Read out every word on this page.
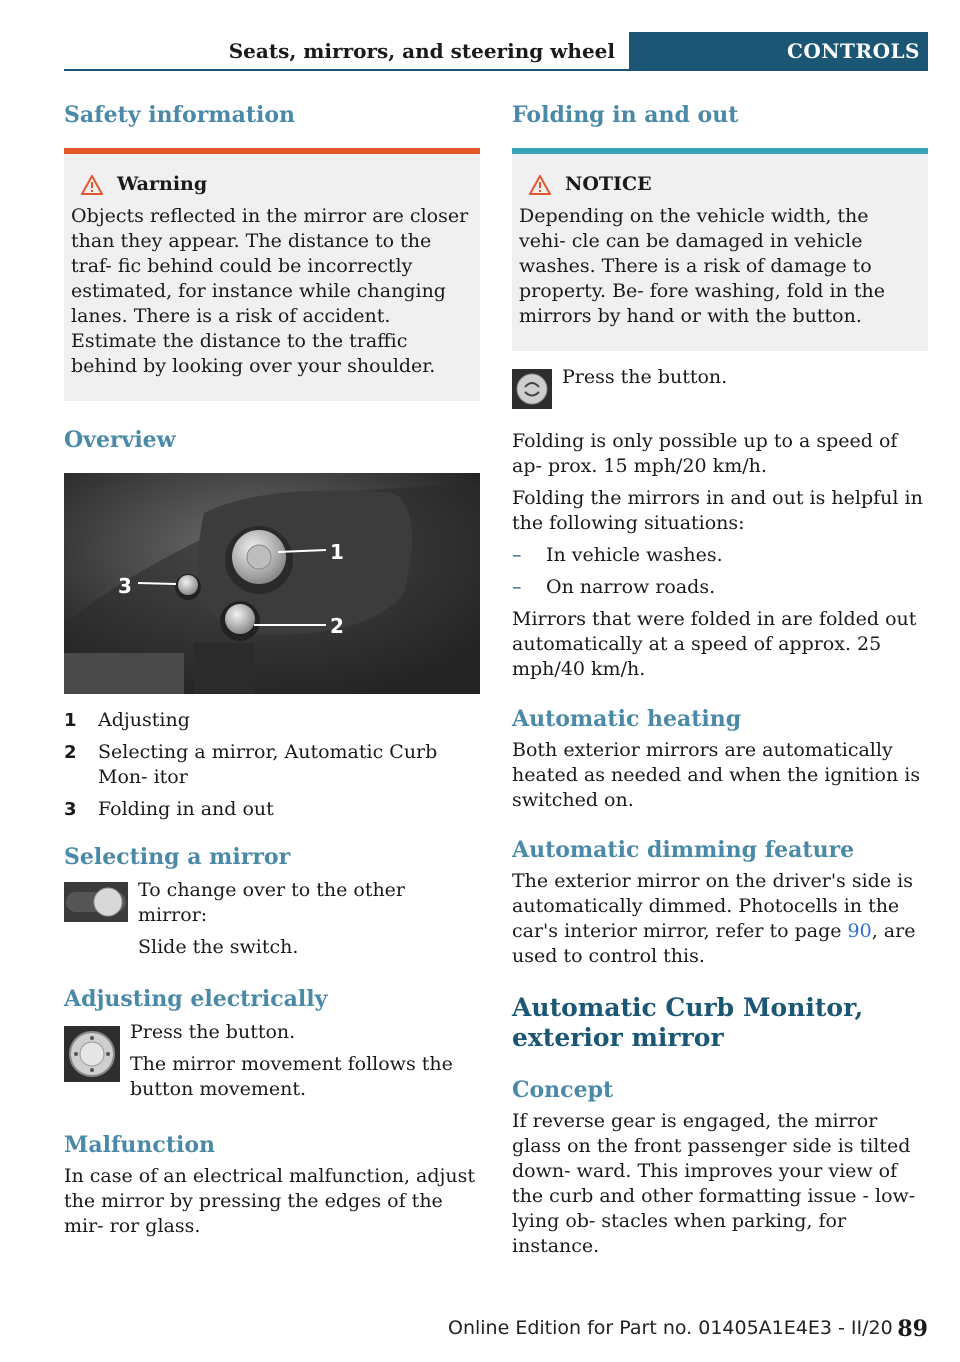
Seats, mirrors, and steering wheel	CONTROLS
Safety information
Warning

Objects reflected in the mirror are closer than they appear. The distance to the traf- fic behind could be incorrectly estimated, for instance while changing lanes. There is a risk of accident. Estimate the distance to the traffic behind by looking over your shoulder.

Overview
1
2
3
1	Adjusting
2	Selecting a mirror, Automatic Curb Mon- itor
3	Folding in and out
Selecting a mirror

To change over to the other mirror:

Slide the switch.

Adjusting electrically

Press the button.

The mirror movement follows the button movement.

Malfunction

In case of an electrical malfunction, adjust the mirror by pressing the edges of the mir- ror glass.

Folding in and out
NOTICE

Depending on the vehicle width, the vehi- cle can be damaged in vehicle washes. There is a risk of damage to property. Be- fore washing, fold in the mirrors by hand or with the button.

Press the button.

Folding is only possible up to a speed of ap- prox. 15 mph/20 km/h.

Folding the mirrors in and out is helpful in the following situations:

–	In vehicle washes.
–	On narrow roads.

Mirrors that were folded in are folded out automatically at a speed of approx. 25 mph/40 km/h.

Automatic heating

Both exterior mirrors are automatically heated as needed and when the ignition is switched on.

Automatic dimming feature

The exterior mirror on the driver's side is automatically dimmed. Photocells in the car's interior mirror, refer to page 90, are used to control this.

Automatic Curb Monitor, exterior mirror
Concept

If reverse gear is engaged, the mirror glass on the front passenger side is tilted down- ward. This improves your view of the curb and other formatting issue - low-lying ob- stacles when parking, for instance.

Online Edition for Part no. 01405A1E4E3 - II/20 89
